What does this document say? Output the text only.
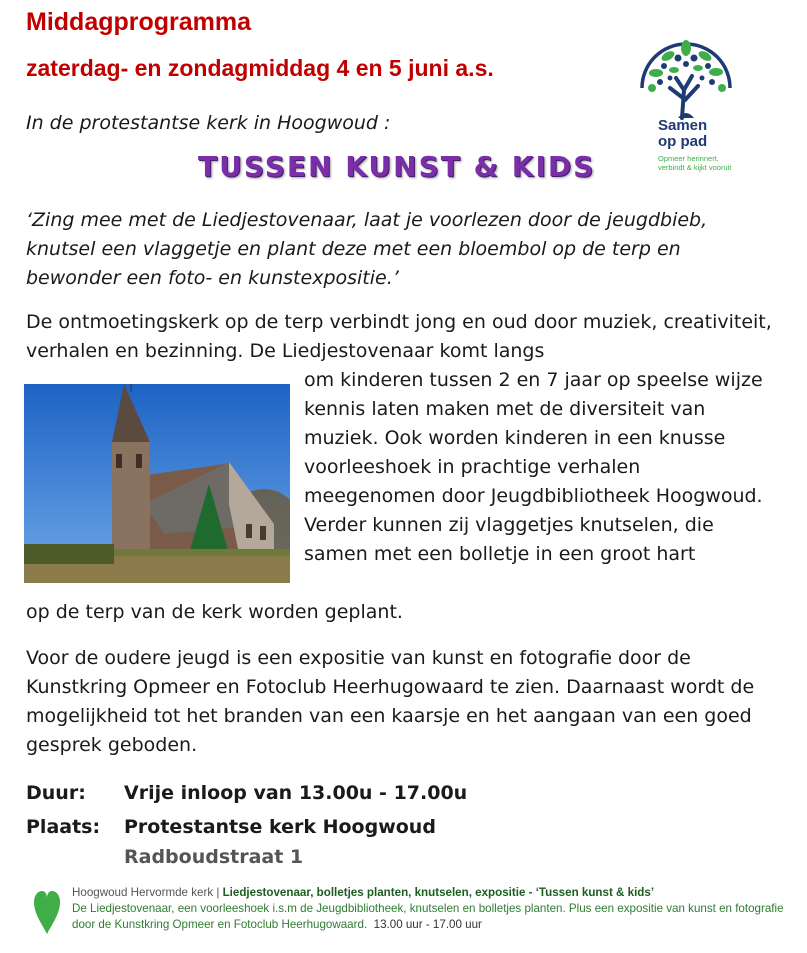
Middagprogramma
zaterdag- en zondagmiddag 4 en 5 juni a.s.
In de protestantse kerk in Hoogwoud :
TUSSEN KUNST & KIDS
Samen
op pad
Opmeer herinnert,
verbindt & kijkt vooruit
‘Zing mee met de Liedjestovenaar, laat je voorlezen door de jeugdbieb, knutsel een vlaggetje en plant deze met een bloembol op de terp en bewonder een foto- en kunstexpositie.’
De ontmoetingskerk op de terp verbindt jong en oud door muziek, creativiteit, verhalen en bezinning. De Liedjestovenaar komt langs
om kinderen tussen 2 en 7 jaar op speelse wijze kennis laten maken met de diversiteit van muziek. Ook worden kinderen in een knusse voorleeshoek in prachtige verhalen meegenomen door Jeugdbibliotheek Hoogwoud. Verder kunnen zij vlaggetjes knutselen, die samen met een bolletje in een groot hart
op de terp van de kerk worden geplant.
Voor de oudere jeugd is een expositie van kunst en fotografie door de Kunstkring Opmeer en Fotoclub Heerhugowaard te zien. Daarnaast wordt de mogelijkheid tot het branden van een kaarsje en het aangaan van een goed gesprek geboden.
Duur: Vrije inloop van 13.00u - 17.00u
Plaats: Protestantse kerk Hoogwoud
Radboudstraat 1
Hoogwoud Hervormde kerk | Liedjestovenaar, bolletjes planten, knutselen, expositie - ‘Tussen kunst & kids’
De Liedjestovenaar, een voorleeshoek i.s.m de Jeugdbibliotheek, knutselen en bolletjes planten. Plus een expositie van kunst en fotografie door de Kunstkring Opmeer en Fotoclub Heerhugowaard. 13.00 uur - 17.00 uur
